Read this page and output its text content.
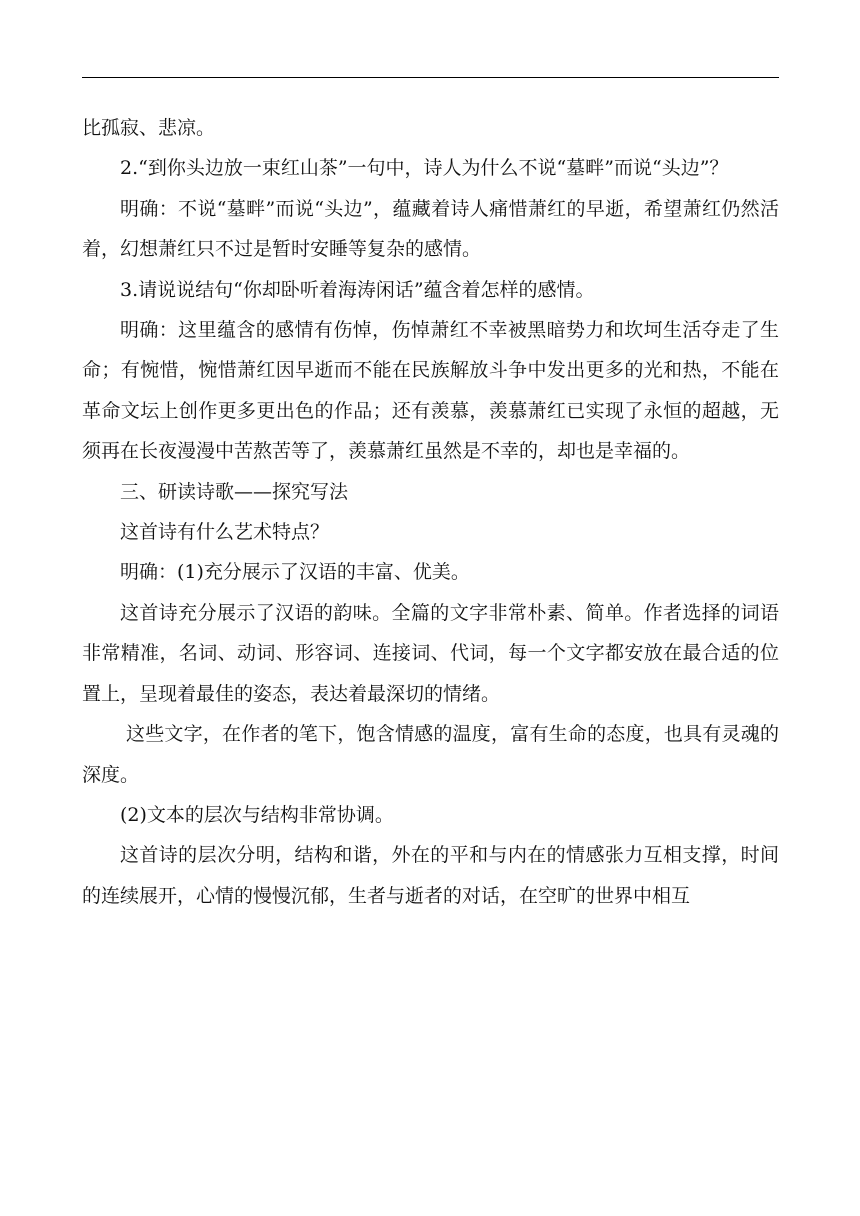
比孤寂、悲凉。

2.“到你头边放一束红山茶”一句中，诗人为什么不说“墓畔”而说“头边”？

明确：不说“墓畔”而说“头边”，蕴藏着诗人痛惜萧红的早逝，希望萧红仍然活着，幻想萧红只不过是暂时安睡等复杂的感情。

3.请说说结句“你却卧听着海涛闲话”蕴含着怎样的感情。

明确：这里蕴含的感情有伤悼，伤悼萧红不幸被黑暗势力和坎坷生活夺走了生命；有惋惜，惋惜萧红因早逝而不能在民族解放斗争中发出更多的光和热，不能在革命文坛上创作更多更出色的作品；还有羡慕，羡慕萧红已实现了永恒的超越，无须再在长夜漫漫中苦熬苦等了，羡慕萧红虽然是不幸的，却也是幸福的。

三、研读诗歌——探究写法

这首诗有什么艺术特点？

明确：(1)充分展示了汉语的丰富、优美。

这首诗充分展示了汉语的韵味。全篇的文字非常朴素、简单。作者选择的词语非常精准，名词、动词、形容词、连接词、代词，每一个文字都安放在最合适的位置上，呈现着最佳的姿态，表达着最深切的情绪。

这些文字，在作者的笔下，饱含情感的温度，富有生命的态度，也具有灵魂的深度。

(2)文本的层次与结构非常协调。

这首诗的层次分明，结构和谐，外在的平和与内在的情感张力互相支撑，时间的连续展开，心情的慢慢沉郁，生者与逝者的对话，在空旷的世界中相互
